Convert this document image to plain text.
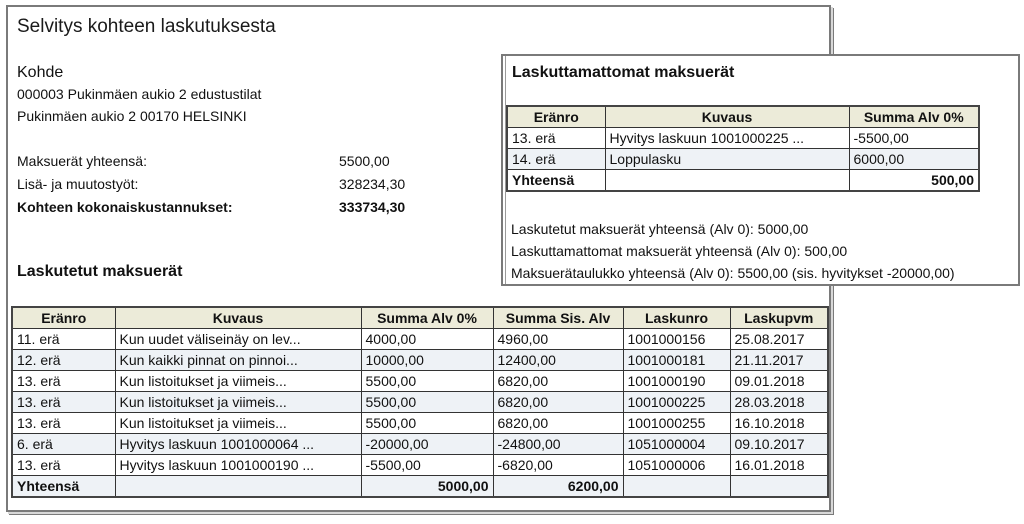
Selvitys kohteen laskutuksesta
Kohde
000003 Pukinmäen aukio 2 edustustilat
Pukinmäen aukio 2 00170 HELSINKI
Maksuerät yhteensä:	5500,00
Lisä- ja muutostyöt:	328234,30
Kohteen kokonaiskustannukset:	333734,30
Laskutetut maksuerät
Eränro	Kuvaus	Summa Alv 0%	Summa Sis. Alv	Laskunro	Laskupvm
11. erä	Kun uudet väliseinäy on lev...	4000,00	4960,00	1001000156	25.08.2017
12. erä	Kun kaikki pinnat on pinnoi...	10000,00	12400,00	1001000181	21.11.2017
13. erä	Kun listoitukset ja viimeis...	5500,00	6820,00	1001000190	09.01.2018
13. erä	Kun listoitukset ja viimeis...	5500,00	6820,00	1001000225	28.03.2018
13. erä	Kun listoitukset ja viimeis...	5500,00	6820,00	1001000255	16.10.2018
6. erä	Hyvitys laskuun 1001000064 ...	-20000,00	-24800,00	1051000004	09.10.2017
13. erä	Hyvitys laskuun 1001000190 ...	-5500,00	-6820,00	1051000006	16.01.2018
Yhteensä		5000,00	6200,00		
Laskuttamattomat maksuerät
Eränro	Kuvaus	Summa Alv 0%
13. erä	Hyvitys laskuun 1001000225 ...	-5500,00
14. erä	Loppulasku	6000,00
Yhteensä		500,00
Laskutetut maksuerät yhteensä (Alv 0): 5000,00
Laskuttamattomat maksuerät yhteensä (Alv 0): 500,00
Maksuerätaulukko yhteensä (Alv 0): 5500,00 (sis. hyvitykset -20000,00)
